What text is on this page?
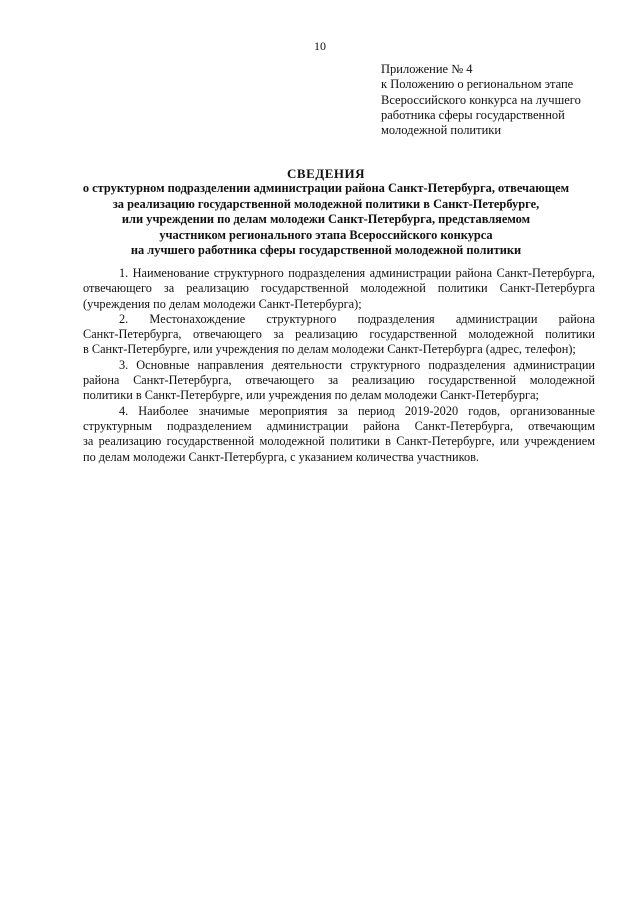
10
Приложение № 4
к Положению о региональном этапе
Всероссийского конкурса на лучшего
работника сферы государственной
молодежной политики
СВЕДЕНИЯ
о структурном подразделении администрации района Санкт-Петербурга, отвечающем
за реализацию государственной молодежной политики в Санкт-Петербурге,
или учреждении по делам молодежи Санкт-Петербурга, представляемом
участником регионального этапа Всероссийского конкурса
на лучшего работника сферы государственной молодежной политики
1. Наименование структурного подразделения администрации района Санкт-Петербурга,
отвечающего за реализацию государственной молодежной политики Санкт-Петербурга
(учреждения по делам молодежи Санкт-Петербурга);
2. Местонахождение структурного подразделения администрации района
Санкт-Петербурга, отвечающего за реализацию государственной молодежной политики
в Санкт-Петербурге, или учреждения по делам молодежи Санкт-Петербурга (адрес, телефон);
3. Основные направления деятельности структурного подразделения администрации
района Санкт-Петербурга, отвечающего за реализацию государственной молодежной
политики в Санкт-Петербурге, или учреждения по делам молодежи Санкт-Петербурга;
4. Наиболее значимые мероприятия за период 2019-2020 годов, организованные
структурным подразделением администрации района Санкт-Петербурга, отвечающим
за реализацию государственной молодежной политики в Санкт-Петербурге, или учреждением
по делам молодежи Санкт-Петербурга, с указанием количества участников.
